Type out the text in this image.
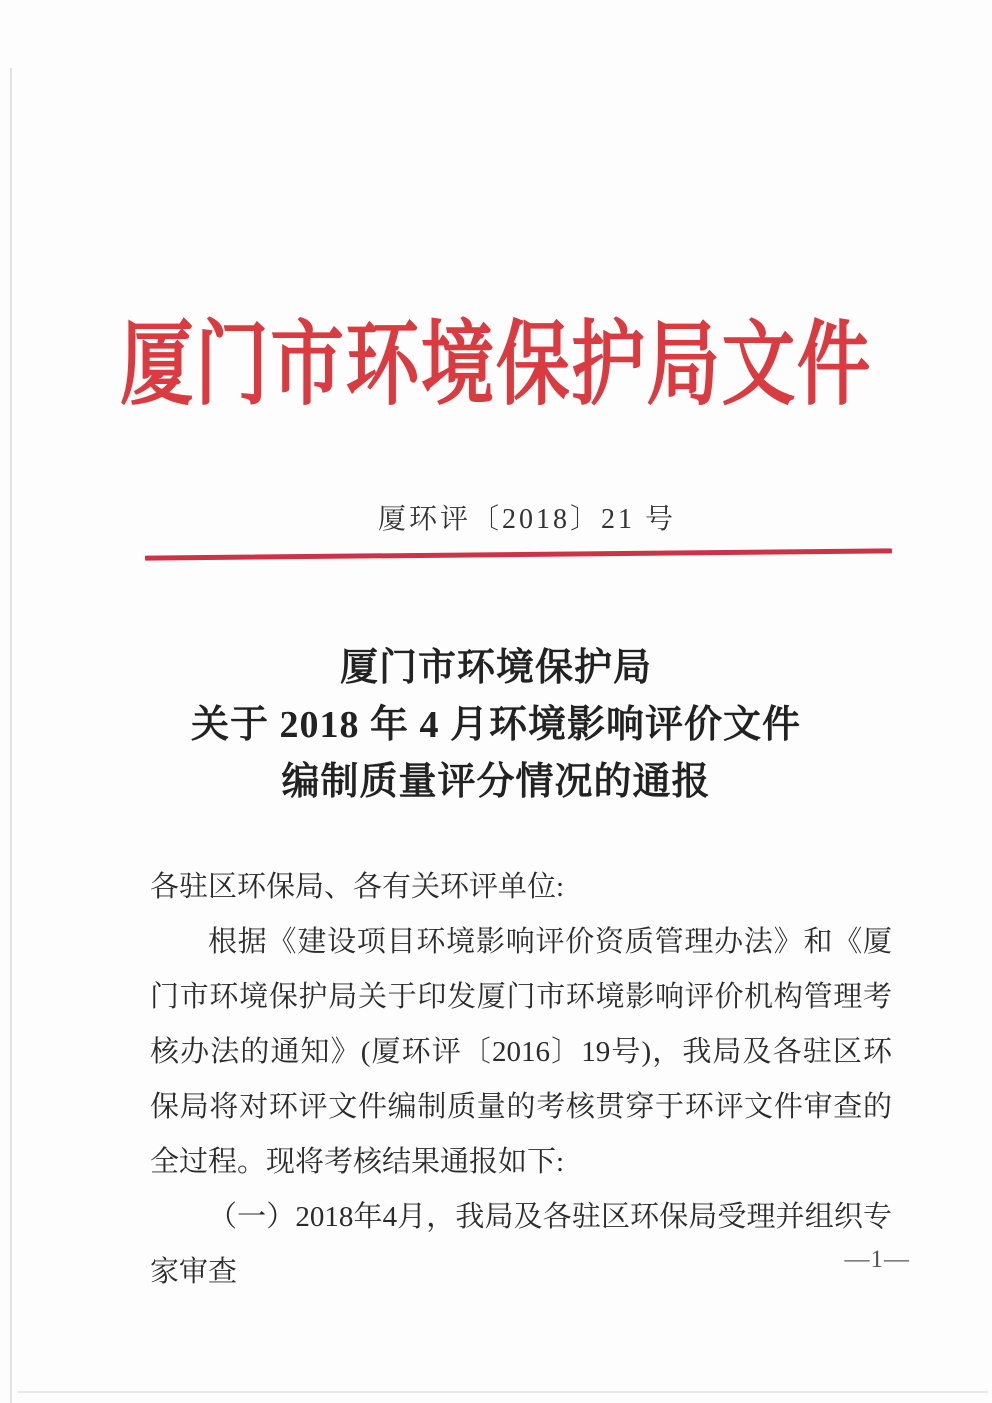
厦门市环境保护局文件
厦环评〔2018〕21 号
厦门市环境保护局
关于 2018 年 4 月环境影响评价文件
编制质量评分情况的通报

各驻区环保局、各有关环评单位:

根据《建设项目环境影响评价资质管理办法》和《厦门市环境保护局关于印发厦门市环境影响评价机构管理考核办法的通知》(厦环评〔2016〕19号)，我局及各驻区环保局将对环评文件编制质量的考核贯穿于环评文件审查的全过程。现将考核结果通报如下:

（一）2018年4月，我局及各驻区环保局受理并组织专家审查	—1—
